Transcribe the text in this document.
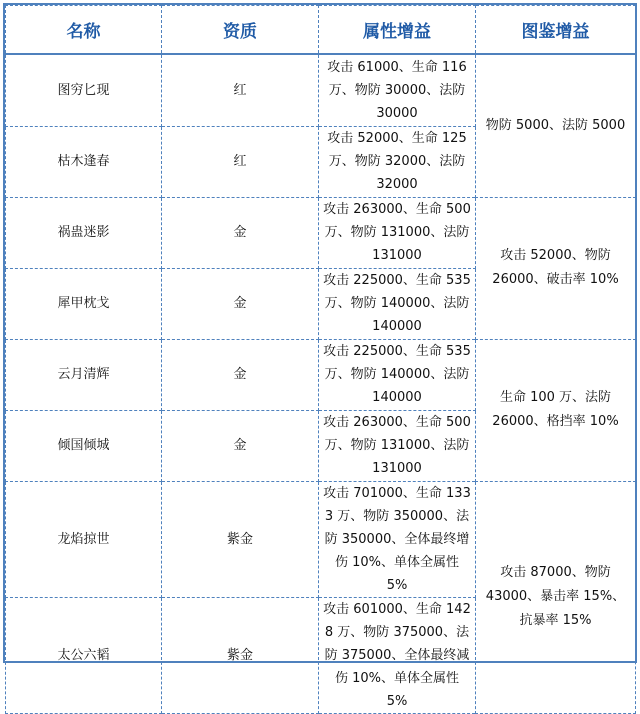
名称	资质	属性增益	图鉴增益
图穷匕现	红	攻击 61000、生命 116 万、物防 30000、法防 30000	物防 5000、法防 5000
枯木逢春	红	攻击 52000、生命 125 万、物防 32000、法防 32000	
祸蛊迷影	金	攻击 263000、生命 500 万、物防 131000、法防 131000	攻击 52000、物防 26000、破击率 10%
犀甲枕戈	金	攻击 225000、生命 535 万、物防 140000、法防 140000	
云月清辉	金	攻击 225000、生命 535 万、物防 140000、法防 140000	生命 100 万、法防 26000、格挡率 10%
倾国倾城	金	攻击 263000、生命 500 万、物防 131000、法防 131000	
龙焰掠世	紫金	攻击 701000、生命 1333 万、物防 350000、法防 350000、全体最终增伤 10%、单体全属性 5%	攻击 87000、物防 43000、暴击率 15%、抗暴率 15%
太公六韬	紫金	攻击 601000、生命 1428 万、物防 375000、法防 375000、全体最终减伤 10%、单体全属性 5%	
